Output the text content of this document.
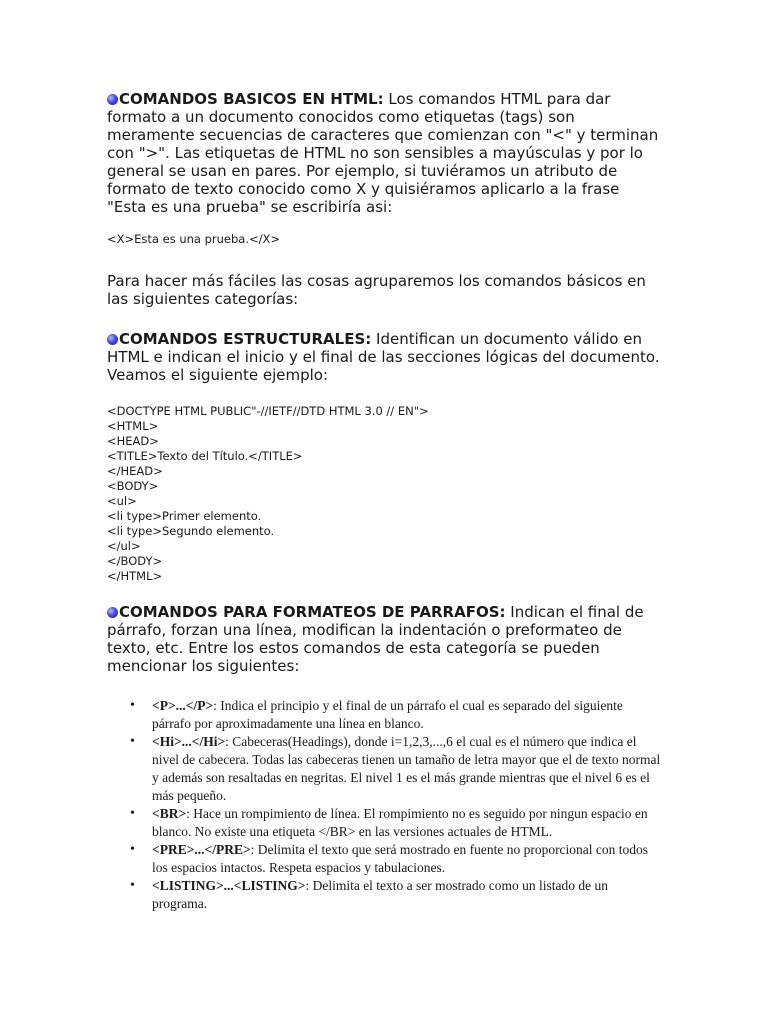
COMANDOS BASICOS EN HTML: Los comandos HTML para dar formato a un documento conocidos como etiquetas (tags) son meramente secuencias de caracteres que comienzan con "<" y terminan con ">". Las etiquetas de HTML no son sensibles a mayúsculas y por lo general se usan en pares. Por ejemplo, si tuviéramos un atributo de formato de texto conocido como X y quisiéramos aplicarlo a la frase "Esta es una prueba" se escribiría asi:

<X>Esta es una prueba.</X>

Para hacer más fáciles las cosas agruparemos los comandos básicos en las siguientes categorías:

COMANDOS ESTRUCTURALES: Identifican un documento válido en HTML e indican el inicio y el final de las secciones lógicas del documento. Veamos el siguiente ejemplo:

<DOCTYPE HTML PUBLIC"-//IETF//DTD HTML 3.0 // EN">
<HTML>
<HEAD>
<TITLE>Texto del Título.</TITLE>
</HEAD>
<BODY>
<ul>
<li type>Primer elemento.
<li type>Segundo elemento.
</ul>
</BODY>
</HTML>

COMANDOS PARA FORMATEOS DE PARRAFOS: Indican el final de párrafo, forzan una línea, modifican la indentación o preformateo de texto, etc. Entre los estos comandos de esta categoría se pueden mencionar los siguientes:

• <P>...</P>: Indica el principio y el final de un párrafo el cual es separado del siguiente párrafo por aproximadamente una línea en blanco.
• <Hi>...</Hi>: Cabeceras(Headings), donde i=1,2,3,...,6 el cual es el número que indica el nivel de cabecera. Todas las cabeceras tienen un tamaño de letra mayor que el de texto normal y además son resaltadas en negritas. El nivel 1 es el más grande mientras que el nivel 6 es el más pequeño.
• <BR>: Hace un rompimiento de línea. El rompimiento no es seguido por ningun espacio en blanco. No existe una etiqueta </BR> en las versiones actuales de HTML.
• <PRE>...</PRE>: Delimita el texto que será mostrado en fuente no proporcional con todos los espacios intactos. Respeta espacios y tabulaciones.
• <LISTING>...<LISTING>: Delimita el texto a ser mostrado como un listado de un programa.
